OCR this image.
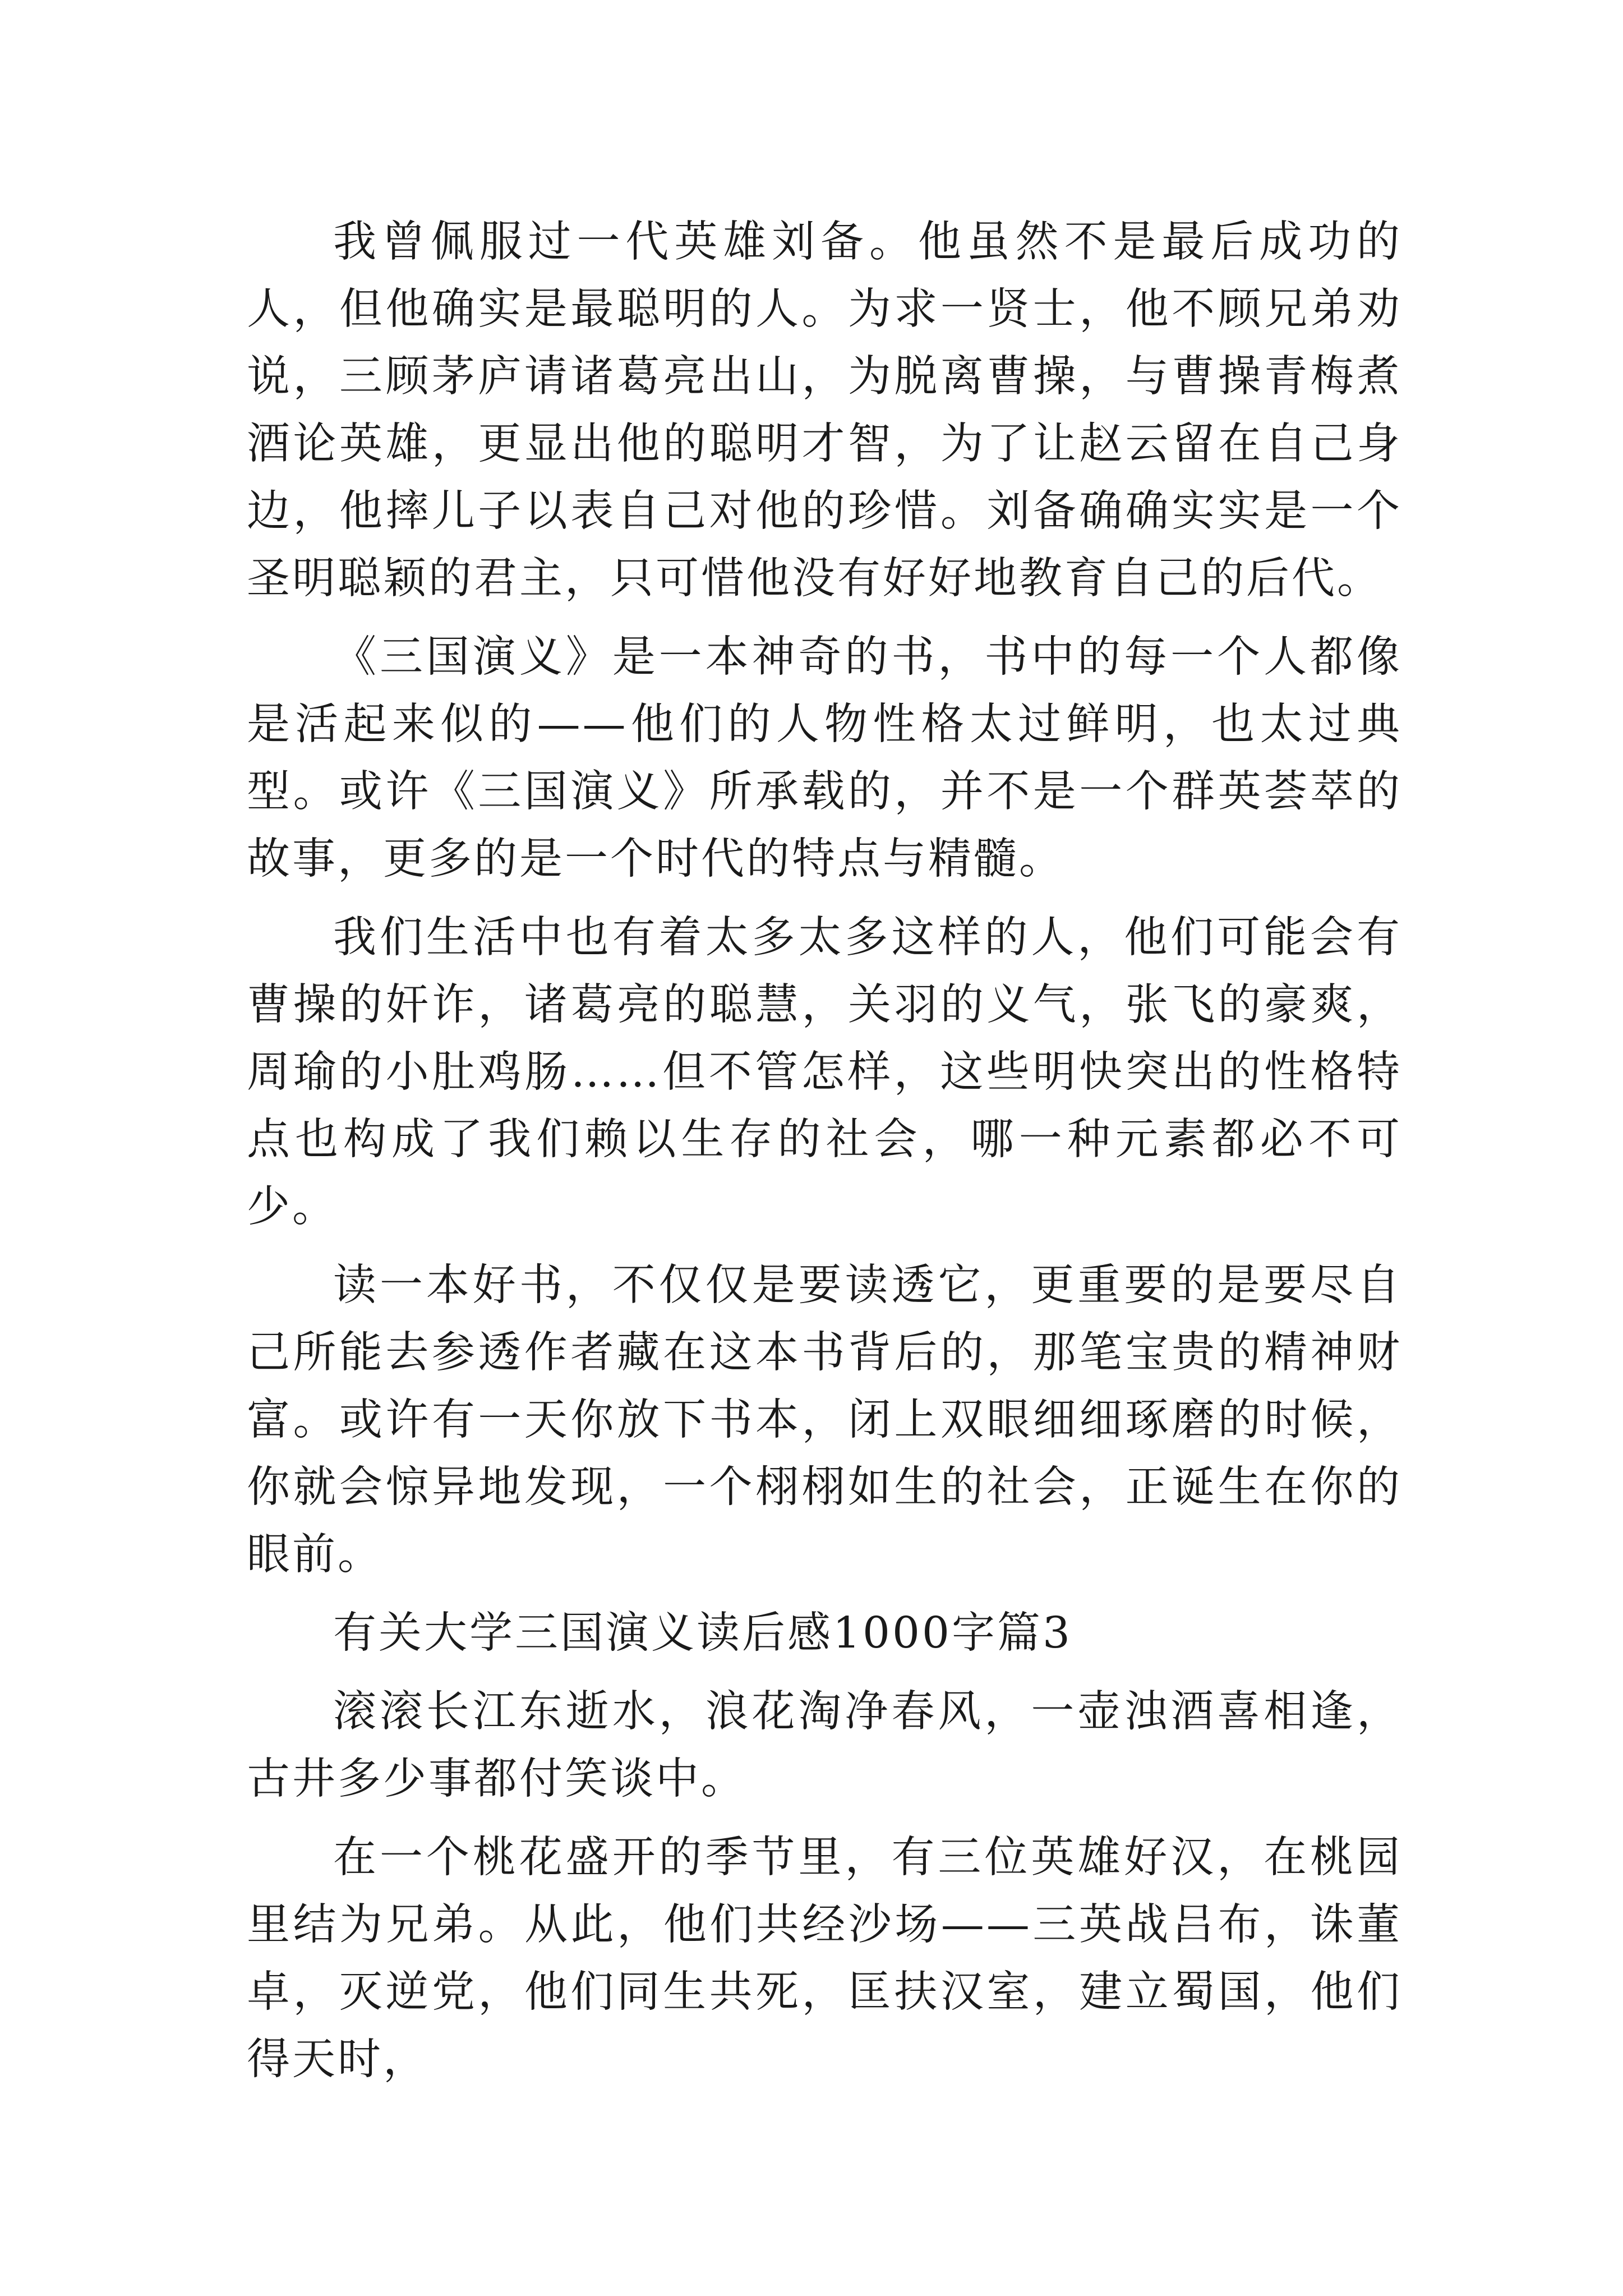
我曾佩服过一代英雄刘备。他虽然不是最后成功的人，但他确实是最聪明的人。为求一贤士，他不顾兄弟劝说，三顾茅庐请诸葛亮出山，为脱离曹操，与曹操青梅煮酒论英雄，更显出他的聪明才智，为了让赵云留在自己身边，他摔儿子以表自己对他的珍惜。刘备确确实实是一个圣明聪颖的君主，只可惜他没有好好地教育自己的后代。

《三国演义》是一本神奇的书，书中的每一个人都像是活起来似的——他们的人物性格太过鲜明，也太过典型。或许《三国演义》所承载的，并不是一个群英荟萃的故事，更多的是一个时代的特点与精髓。

我们生活中也有着太多太多这样的人，他们可能会有曹操的奸诈，诸葛亮的聪慧，关羽的义气，张飞的豪爽，周瑜的小肚鸡肠……但不管怎样，这些明快突出的性格特点也构成了我们赖以生存的社会，哪一种元素都必不可少。

读一本好书，不仅仅是要读透它，更重要的是要尽自己所能去参透作者藏在这本书背后的，那笔宝贵的精神财富。或许有一天你放下书本，闭上双眼细细琢磨的时候，你就会惊异地发现，一个栩栩如生的社会，正诞生在你的眼前。

有关大学三国演义读后感1000字篇3

滚滚长江东逝水，浪花淘净春风，一壶浊酒喜相逢，古井多少事都付笑谈中。

在一个桃花盛开的季节里，有三位英雄好汉，在桃园里结为兄弟。从此，他们共经沙场——三英战吕布，诛董卓，灭逆党，他们同生共死，匡扶汉室，建立蜀国，他们得天时，
